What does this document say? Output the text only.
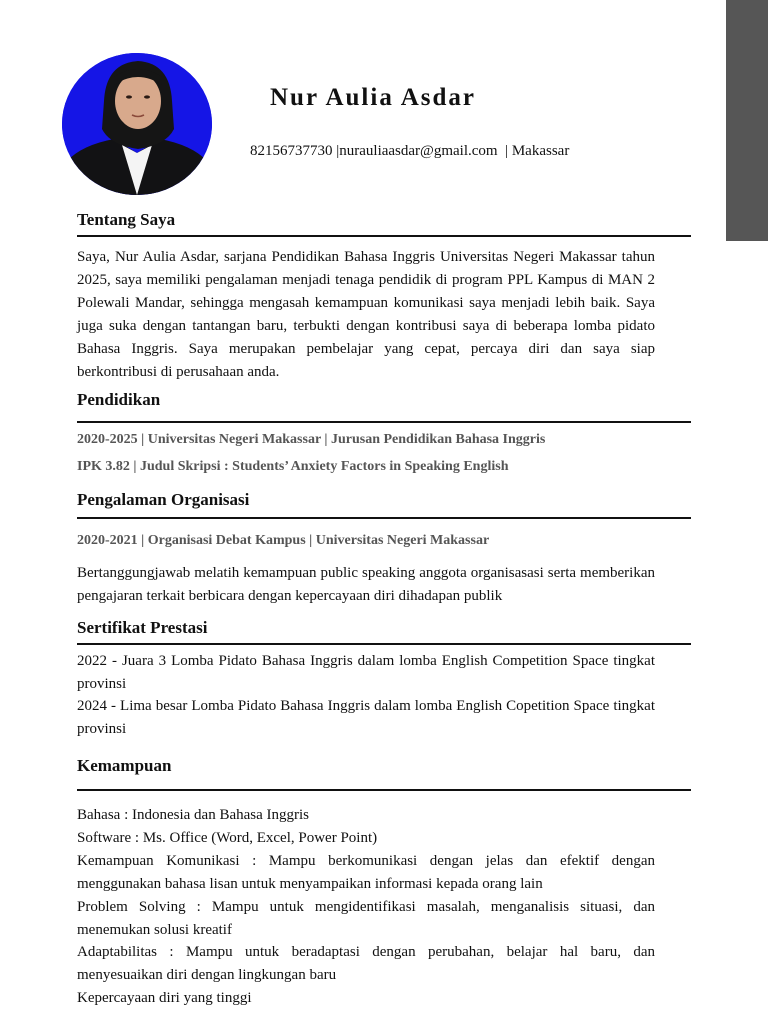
Nur Aulia Asdar
82156737730 |nurauliaasdar@gmail.com  | Makassar
Tentang Saya
Saya, Nur Aulia Asdar, sarjana Pendidikan Bahasa Inggris Universitas Negeri Makassar tahun 2025, saya memiliki pengalaman menjadi tenaga pendidik di program PPL Kampus di MAN 2 Polewali Mandar, sehingga mengasah kemampuan komunikasi saya menjadi lebih baik. Saya juga suka dengan tantangan baru, terbukti dengan kontribusi saya di beberapa lomba pidato Bahasa Inggris. Saya merupakan pembelajar yang cepat, percaya diri dan saya siap berkontribusi di perusahaan anda.
Pendidikan
2020-2025 | Universitas Negeri Makassar | Jurusan Pendidikan Bahasa Inggris
IPK 3.82 | Judul Skripsi : Students’ Anxiety Factors in Speaking English
Pengalaman Organisasi
2020-2021 | Organisasi Debat Kampus | Universitas Negeri Makassar
Bertanggungjawab melatih kemampuan public speaking anggota organisasasi serta memberikan pengajaran terkait berbicara dengan kepercayaan diri dihadapan publik
Sertifikat Prestasi
2022 - Juara 3 Lomba Pidato Bahasa Inggris dalam lomba English Competition Space tingkat provinsi
2024 - Lima besar Lomba Pidato Bahasa Inggris dalam lomba English Copetition Space tingkat provinsi
Kemampuan
Bahasa : Indonesia dan Bahasa Inggris
Software : Ms. Office (Word, Excel, Power Point)
Kemampuan Komunikasi : Mampu berkomunikasi dengan jelas dan efektif dengan menggunakan bahasa lisan untuk menyampaikan informasi kepada orang lain
Problem Solving : Mampu untuk mengidentifikasi masalah, menganalisis situasi, dan menemukan solusi kreatif
Adaptabilitas : Mampu untuk beradaptasi dengan perubahan, belajar hal baru, dan menyesuaikan diri dengan lingkungan baru
Kepercayaan diri yang tinggi
